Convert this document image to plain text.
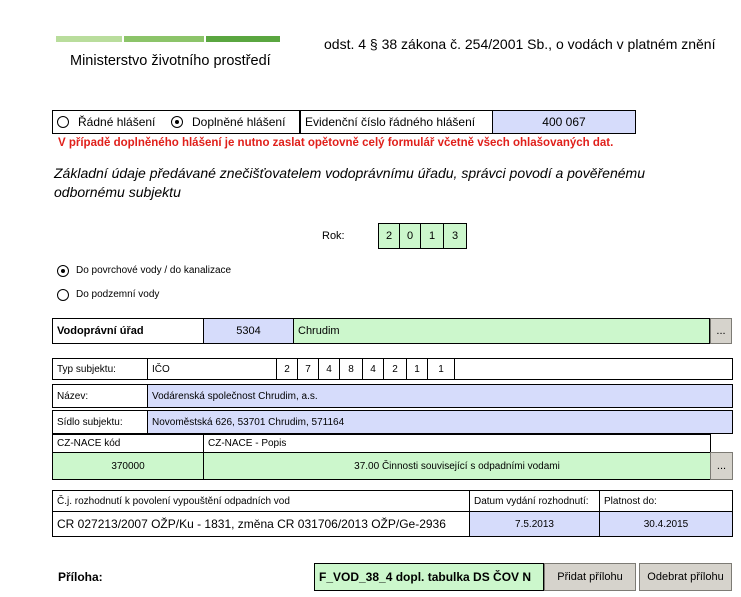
Ministerstvo životního prostředí
odst. 4 § 38 zákona č. 254/2001 Sb., o vodách v platném znění
Řádné hlášení	Doplněné hlášení	Evidenční číslo řádného hlášení	400 067
V případě doplněného hlášení je nutno zaslat opětovně celý formulář včetně všech ohlašovaných dat.
Základní údaje předávané znečišťovatelem vodoprávnímu úřadu, správci povodí a pověřenému odbornému subjektu
Rok:	2	0	1	3
Do povrchové vody / do kanalizace
Do podzemní vody
Vodoprávní úřad	5304	Chrudim	...
Typ subjektu:	IČO	2	7	4	8	4	2	1	1
Název:	Vodárenská společnost Chrudim, a.s.
Sídlo subjektu:	Novoměstská 626, 53701 Chrudim, 571164
CZ-NACE kód	CZ-NACE - Popis
370000	37.00 Činnosti související s odpadními vodami	...
Č.j. rozhodnutí k povolení vypouštění odpadních vod	Datum vydání rozhodnutí:	Platnost do:
CR 027213/2007 OŽP/Ku - 1831, změna CR 031706/2013 OŽP/Ge-2936	7.5.2013	30.4.2015
Příloha:	F_VOD_38_4 dopl. tabulka DS ČOV N	Přidat přílohu	Odebrat přílohu
